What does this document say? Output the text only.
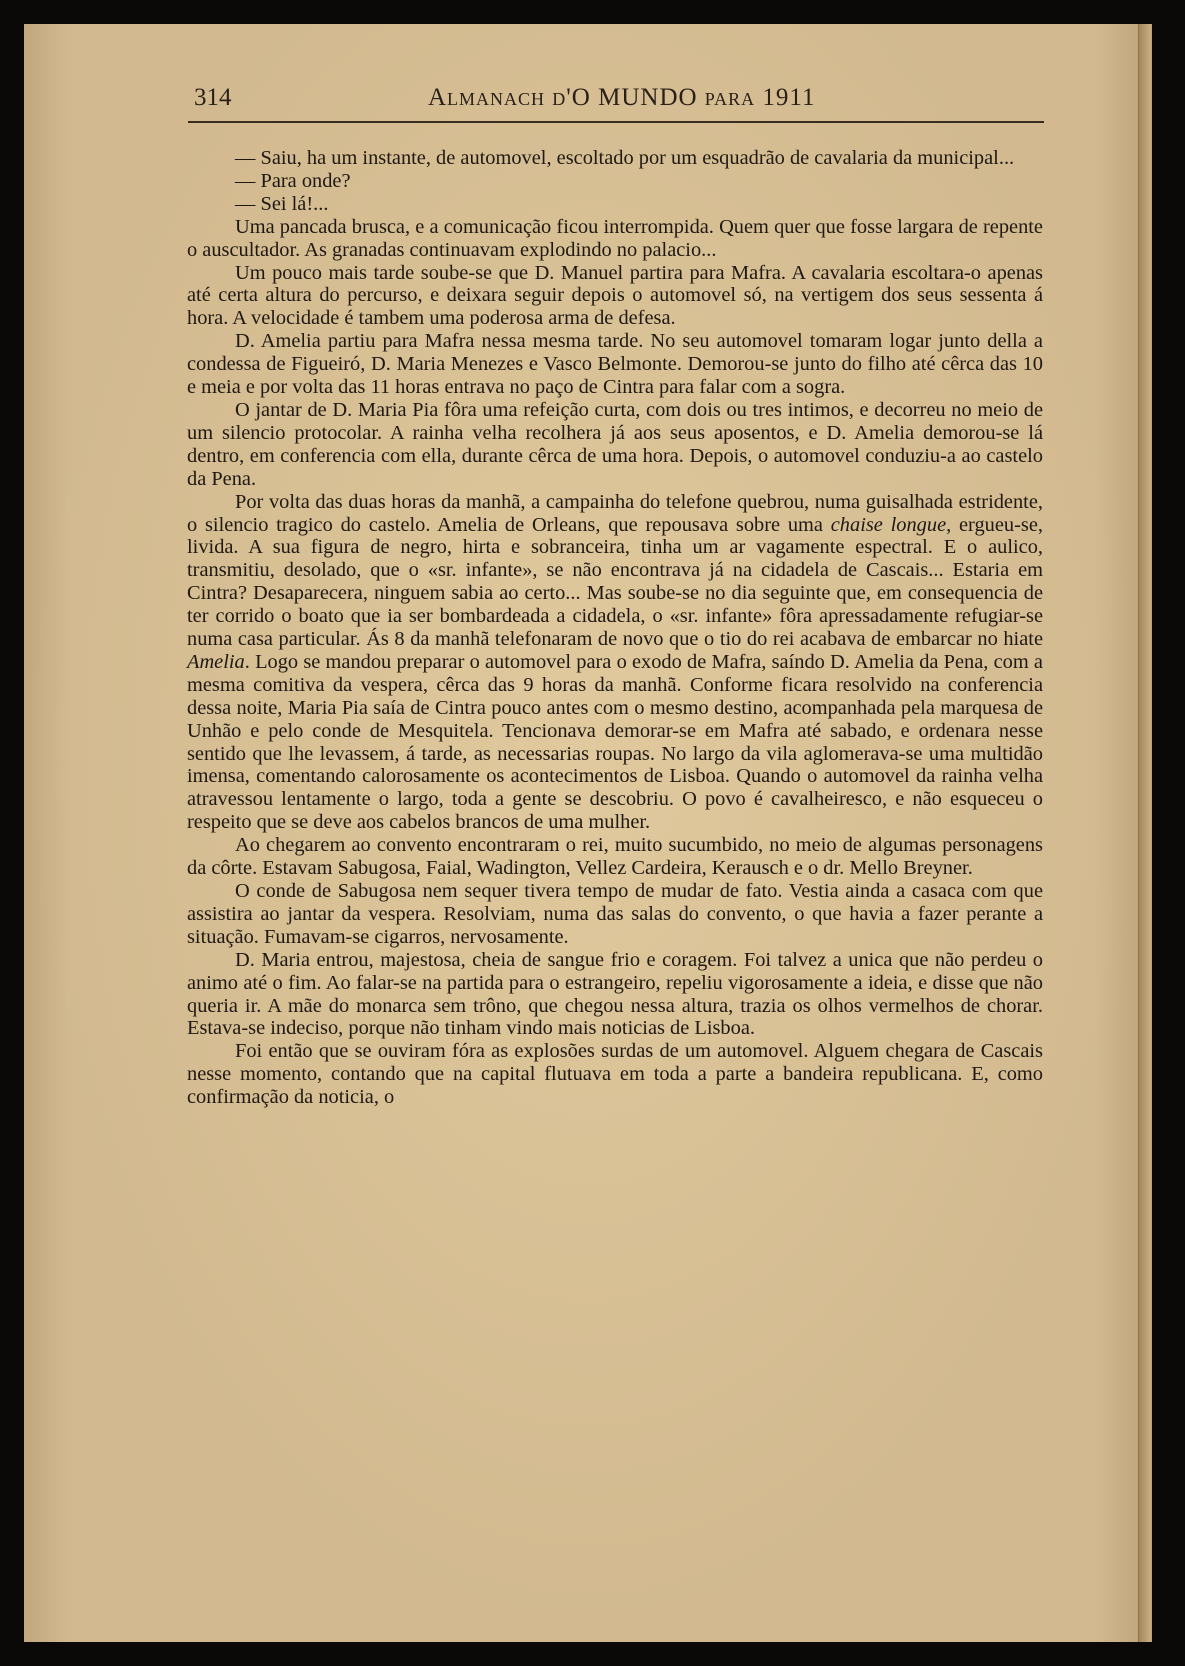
314	Almanach d'O MUNDO para 1911

— Saiu, ha um instante, de automovel, escoltado por um esquadrão de cavalaria da municipal...

— Para onde?

— Sei lá!...

Uma pancada brusca, e a comunicação ficou interrompida. Quem quer que fosse largara de repente o auscultador. As granadas continuavam explodindo no palacio...

Um pouco mais tarde soube-se que D. Manuel partira para Mafra. A cavalaria escoltara-o apenas até certa altura do percurso, e deixara seguir depois o automovel só, na vertigem dos seus sessenta á hora. A velocidade é tambem uma poderosa arma de defesa.

D. Amelia partiu para Mafra nessa mesma tarde. No seu automovel tomaram logar junto della a condessa de Figueiró, D. Maria Menezes e Vasco Belmonte. Demorou-se junto do filho até cêrca das 10 e meia e por volta das 11 horas entrava no paço de Cintra para falar com a sogra.

O jantar de D. Maria Pia fôra uma refeição curta, com dois ou tres intimos, e decorreu no meio de um silencio protocolar. A rainha velha recolhera já aos seus aposentos, e D. Amelia demorou-se lá dentro, em conferencia com ella, durante cêrca de uma hora. Depois, o automovel conduziu-a ao castelo da Pena.

Por volta das duas horas da manhã, a campainha do telefone quebrou, numa guisalhada estridente, o silencio tragico do castelo. Amelia de Orleans, que repousava sobre uma chaise longue, ergueu-se, livida. A sua figura de negro, hirta e sobranceira, tinha um ar vagamente espectral. E o aulico, transmitiu, desolado, que o «sr. infante», se não encontrava já na cidadela de Cascais... Estaria em Cintra? Desaparecera, ninguem sabia ao certo... Mas soube-se no dia seguinte que, em consequencia de ter corrido o boato que ia ser bombardeada a cidadela, o «sr. infante» fôra apressadamente refugiar-se numa casa particular. Ás 8 da manhã telefonaram de novo que o tio do rei acabava de embarcar no hiate Amelia. Logo se mandou preparar o automovel para o exodo de Mafra, saíndo D. Amelia da Pena, com a mesma comitiva da vespera, cêrca das 9 horas da manhã. Conforme ficara resolvido na conferencia dessa noite, Maria Pia saía de Cintra pouco antes com o mesmo destino, acompanhada pela marquesa de Unhão e pelo conde de Mesquitela. Tencionava demorar-se em Mafra até sabado, e ordenara nesse sentido que lhe levassem, á tarde, as necessarias roupas. No largo da vila aglomerava-se uma multidão imensa, comentando calorosamente os acontecimentos de Lisboa. Quando o automovel da rainha velha atravessou lentamente o largo, toda a gente se descobriu. O povo é cavalheiresco, e não esqueceu o respeito que se deve aos cabelos brancos de uma mulher.

Ao chegarem ao convento encontraram o rei, muito sucumbido, no meio de algumas personagens da côrte. Estavam Sabugosa, Faial, Wadington, Vellez Cardeira, Kerausch e o dr. Mello Breyner.

O conde de Sabugosa nem sequer tivera tempo de mudar de fato. Vestia ainda a casaca com que assistira ao jantar da vespera. Resolviam, numa das salas do convento, o que havia a fazer perante a situação. Fumavam-se cigarros, nervosamente.

D. Maria entrou, majestosa, cheia de sangue frio e coragem. Foi talvez a unica que não perdeu o animo até o fim. Ao falar-se na partida para o estrangeiro, repeliu vigorosamente a ideia, e disse que não queria ir. A mãe do monarca sem trôno, que chegou nessa altura, trazia os olhos vermelhos de chorar. Estava-se indeciso, porque não tinham vindo mais noticias de Lisboa.

Foi então que se ouviram fóra as explosões surdas de um automovel. Alguem chegara de Cascais nesse momento, contando que na capital flutuava em toda a parte a bandeira republicana. E, como confirmação da noticia, o
